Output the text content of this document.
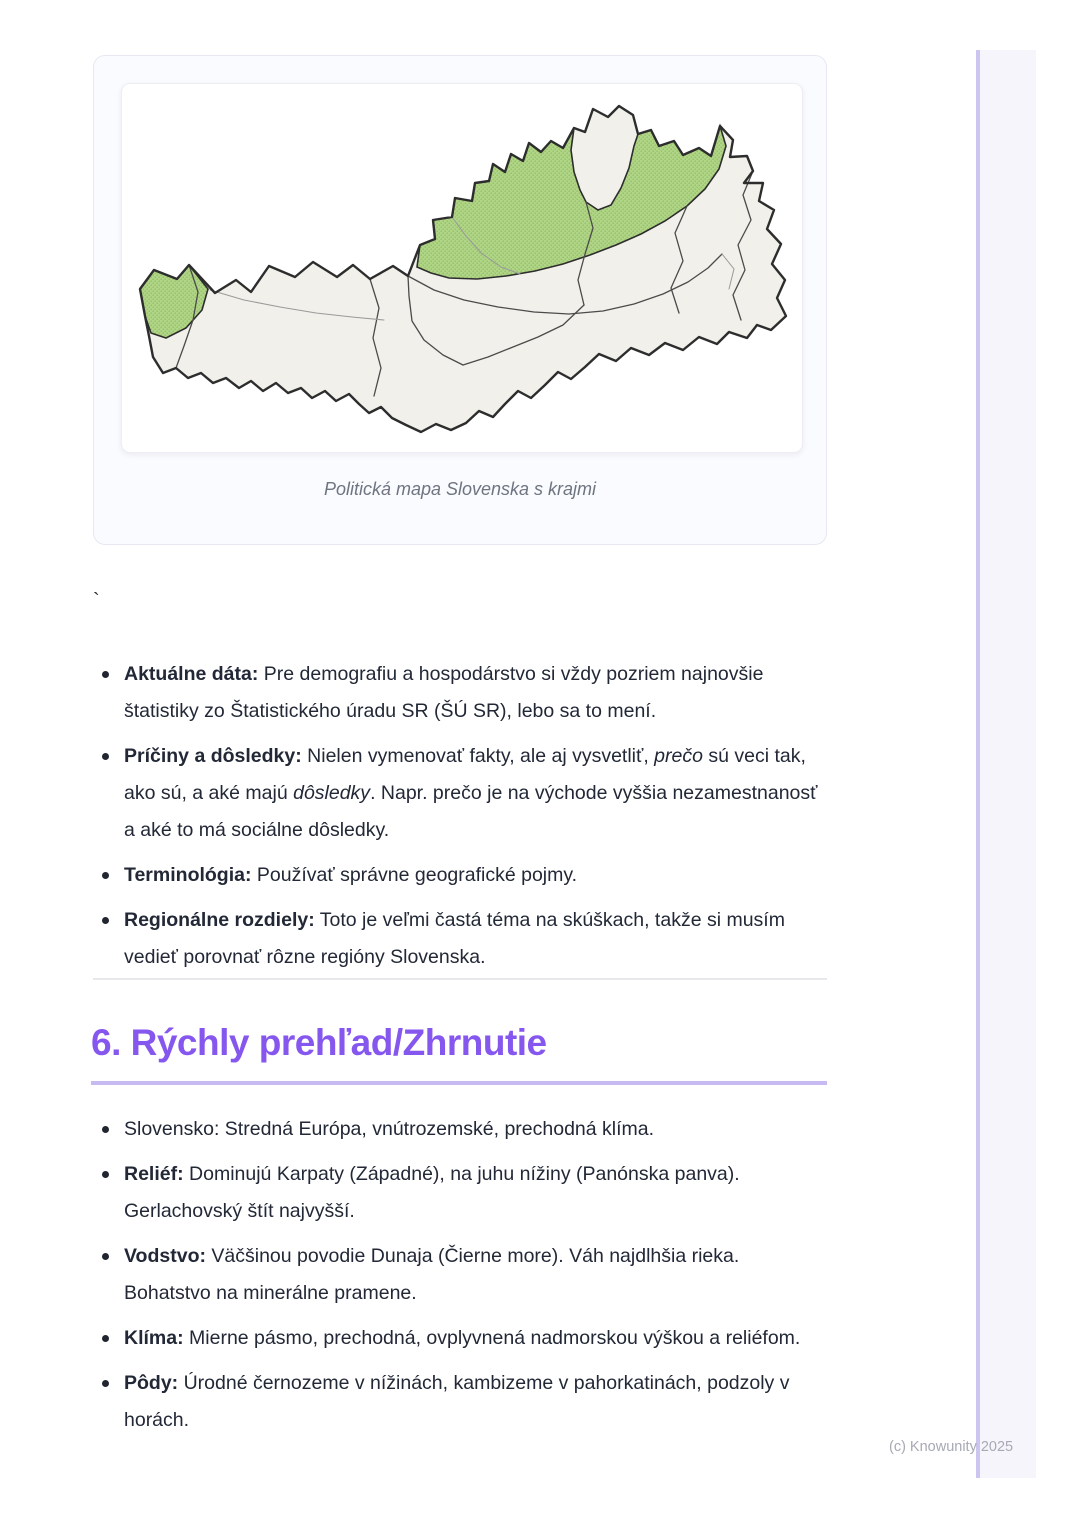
Politická mapa Slovenska s krajmi
`
Aktuálne dáta: Pre demografiu a hospodárstvo si vždy pozriem najnovšie štatistiky zo Štatistického úradu SR (ŠÚ SR), lebo sa to mení.
Príčiny a dôsledky: Nielen vymenovať fakty, ale aj vysvetliť, prečo sú veci tak, ako sú, a aké majú dôsledky. Napr. prečo je na východe vyššia nezamestnanosť a aké to má sociálne dôsledky.
Terminológia: Používať správne geografické pojmy.
Regionálne rozdiely: Toto je veľmi častá téma na skúškach, takže si musím vedieť porovnať rôzne regióny Slovenska.
6. Rýchly prehľad/Zhrnutie
Slovensko: Stredná Európa, vnútrozemské, prechodná klíma.
Reliéf: Dominujú Karpaty (Západné), na juhu nížiny (Panónska panva). Gerlachovský štít najvyšší.
Vodstvo: Väčšinou povodie Dunaja (Čierne more). Váh najdlhšia rieka. Bohatstvo na minerálne pramene.
Klíma: Mierne pásmo, prechodná, ovplyvnená nadmorskou výškou a reliéfom.
Pôdy: Úrodné černozeme v nížinách, kambizeme v pahorkatinách, podzoly v horách.
(c) Knowunity 2025
